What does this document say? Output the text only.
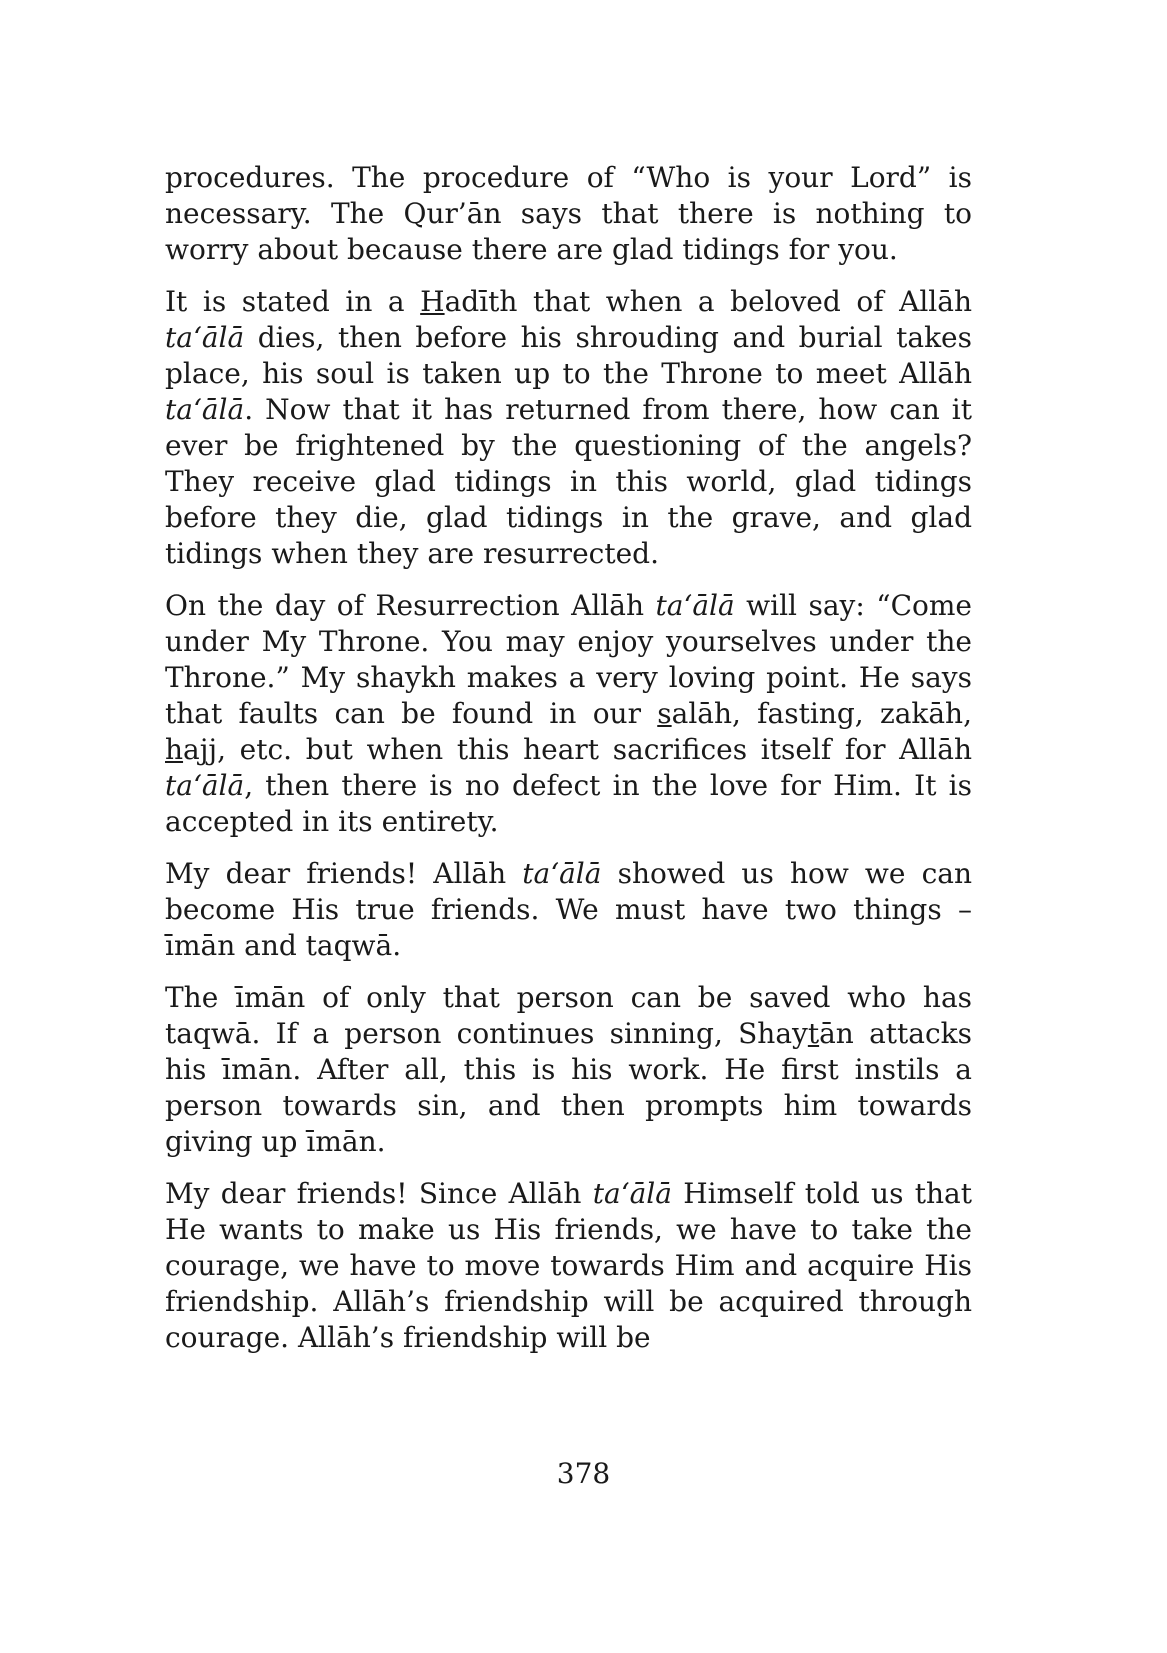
procedures. The procedure of “Who is your Lord” is necessary. The Qur’ān says that there is nothing to worry about because there are glad tidings for you.

It is stated in a Hadīth that when a beloved of Allāh ta‘ālā dies, then before his shrouding and burial takes place, his soul is taken up to the Throne to meet Allāh ta‘ālā. Now that it has returned from there, how can it ever be frightened by the questioning of the angels? They receive glad tidings in this world, glad tidings before they die, glad tidings in the grave, and glad tidings when they are resurrected.

On the day of Resurrection Allāh ta‘ālā will say: “Come under My Throne. You may enjoy yourselves under the Throne.” My shaykh makes a very loving point. He says that faults can be found in our salāh, fasting, zakāh, hajj, etc. but when this heart sacrifices itself for Allāh ta‘ālā, then there is no defect in the love for Him. It is accepted in its entirety.

My dear friends! Allāh ta‘ālā showed us how we can become His true friends. We must have two things – īmān and taqwā.

The īmān of only that person can be saved who has taqwā. If a person continues sinning, Shaytān attacks his īmān. After all, this is his work. He first instils a person towards sin, and then prompts him towards giving up īmān.

My dear friends! Since Allāh ta‘ālā Himself told us that He wants to make us His friends, we have to take the courage, we have to move towards Him and acquire His friendship. Allāh’s friendship will be acquired through courage. Allāh’s friendship will be

378
